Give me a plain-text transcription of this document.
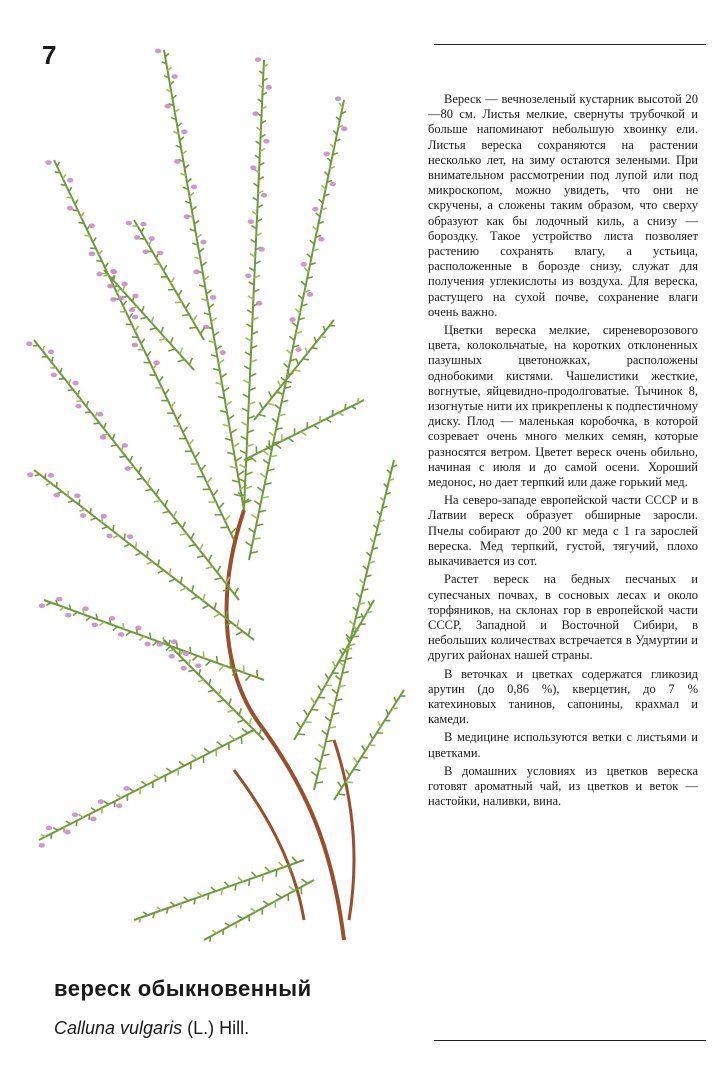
7

Вереск — вечнозеленый кустарник высотой 20—80 см. Листья мелкие, свернуты трубочкой и больше напоминают небольшую хвоинку ели. Листья вереска сохраняются на растении несколько лет, на зиму остаются зелеными. При внимательном рассмотрении под лупой или под микроскопом, можно увидеть, что они не скручены, а сложены таким образом, что сверху образуют как бы лодочный киль, а снизу — бороздку. Такое устройство листа позволяет растению сохранять влагу, а устьица, расположенные в борозде снизу, служат для получения углекислоты из воздуха. Для вереска, растущего на сухой почве, сохранение влаги очень важно.

Цветки вереска мелкие, сиреневорозового цвета, колокольчатые, на коротких отклоненных пазушных цветоножках, расположены однобокими кистями. Чашелистики жесткие, вогнутые, яйцевидно-продолговатые. Тычинок 8, изогнутые нити их прикреплены к подпестичному диску. Плод — маленькая коробочка, в которой созревает очень много мелких семян, которые разносятся ветром. Цветет вереск очень обильно, начиная с июля и до самой осени. Хороший медонос, но дает терпкий или даже горький мед.

На северо-западе европейской части СССР и в Латвии вереск образует обширные заросли. Пчелы собирают до 200 кг меда с 1 га зарослей вереска. Мед терпкий, густой, тягучий, плохо выкачивается из сот.

Растет вереск на бедных песчаных и супесчаных почвах, в сосновых лесах и около торфяников, на склонах гор в европейской части СССР, Западной и Восточной Сибири, в небольших количествах встречается в Удмуртии и других районах нашей страны.

В веточках и цветках содержатся гликозид арутин (до 0,86 %), кверцетин, до 7 % катехиновых танинов, сапонины, крахмал и камеди.

В медицине используются ветки с листьями и цветками.

В домашних условиях из цветков вереска готовят ароматный чай, из цветков и веток — настойки, наливки, вина.

вереск обыкновенный
Calluna vulgaris (L.) Hill.
